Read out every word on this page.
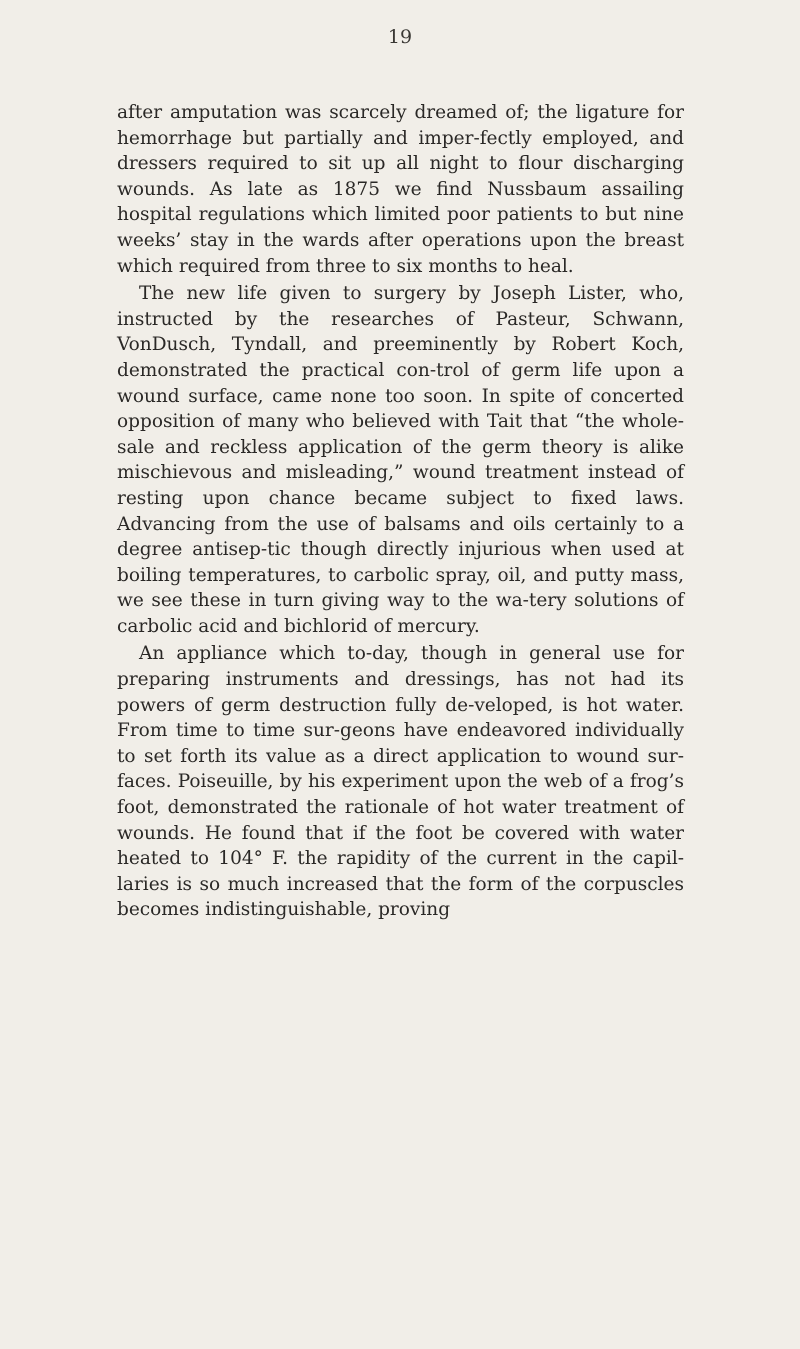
19

after amputation was scarcely dreamed of; the ligature for hemorrhage but partially and imper-fectly employed, and dressers required to sit up all night to flour discharging wounds. As late as 1875 we find Nussbaum assailing hospital regulations which limited poor patients to but nine weeks’ stay in the wards after operations upon the breast which required from three to six months to heal.

The new life given to surgery by Joseph Lister, who, instructed by the researches of Pasteur, Schwann, VonDusch, Tyndall, and preeminently by Robert Koch, demonstrated the practical con-trol of germ life upon a wound surface, came none too soon. In spite of concerted opposition of many who believed with Tait that “the whole-sale and reckless application of the germ theory is alike mischievous and misleading,” wound treatment instead of resting upon chance became subject to fixed laws. Advancing from the use of balsams and oils certainly to a degree antisep-tic though directly injurious when used at boiling temperatures, to carbolic spray, oil, and putty mass, we see these in turn giving way to the wa-tery solutions of carbolic acid and bichlorid of mercury.

An appliance which to-day, though in general use for preparing instruments and dressings, has not had its powers of germ destruction fully de-veloped, is hot water. From time to time sur-geons have endeavored individually to set forth its value as a direct application to wound sur-faces. Poiseuille, by his experiment upon the web of a frog’s foot, demonstrated the rationale of hot water treatment of wounds. He found that if the foot be covered with water heated to 104° F. the rapidity of the current in the capil-laries is so much increased that the form of the corpuscles becomes indistinguishable, proving
